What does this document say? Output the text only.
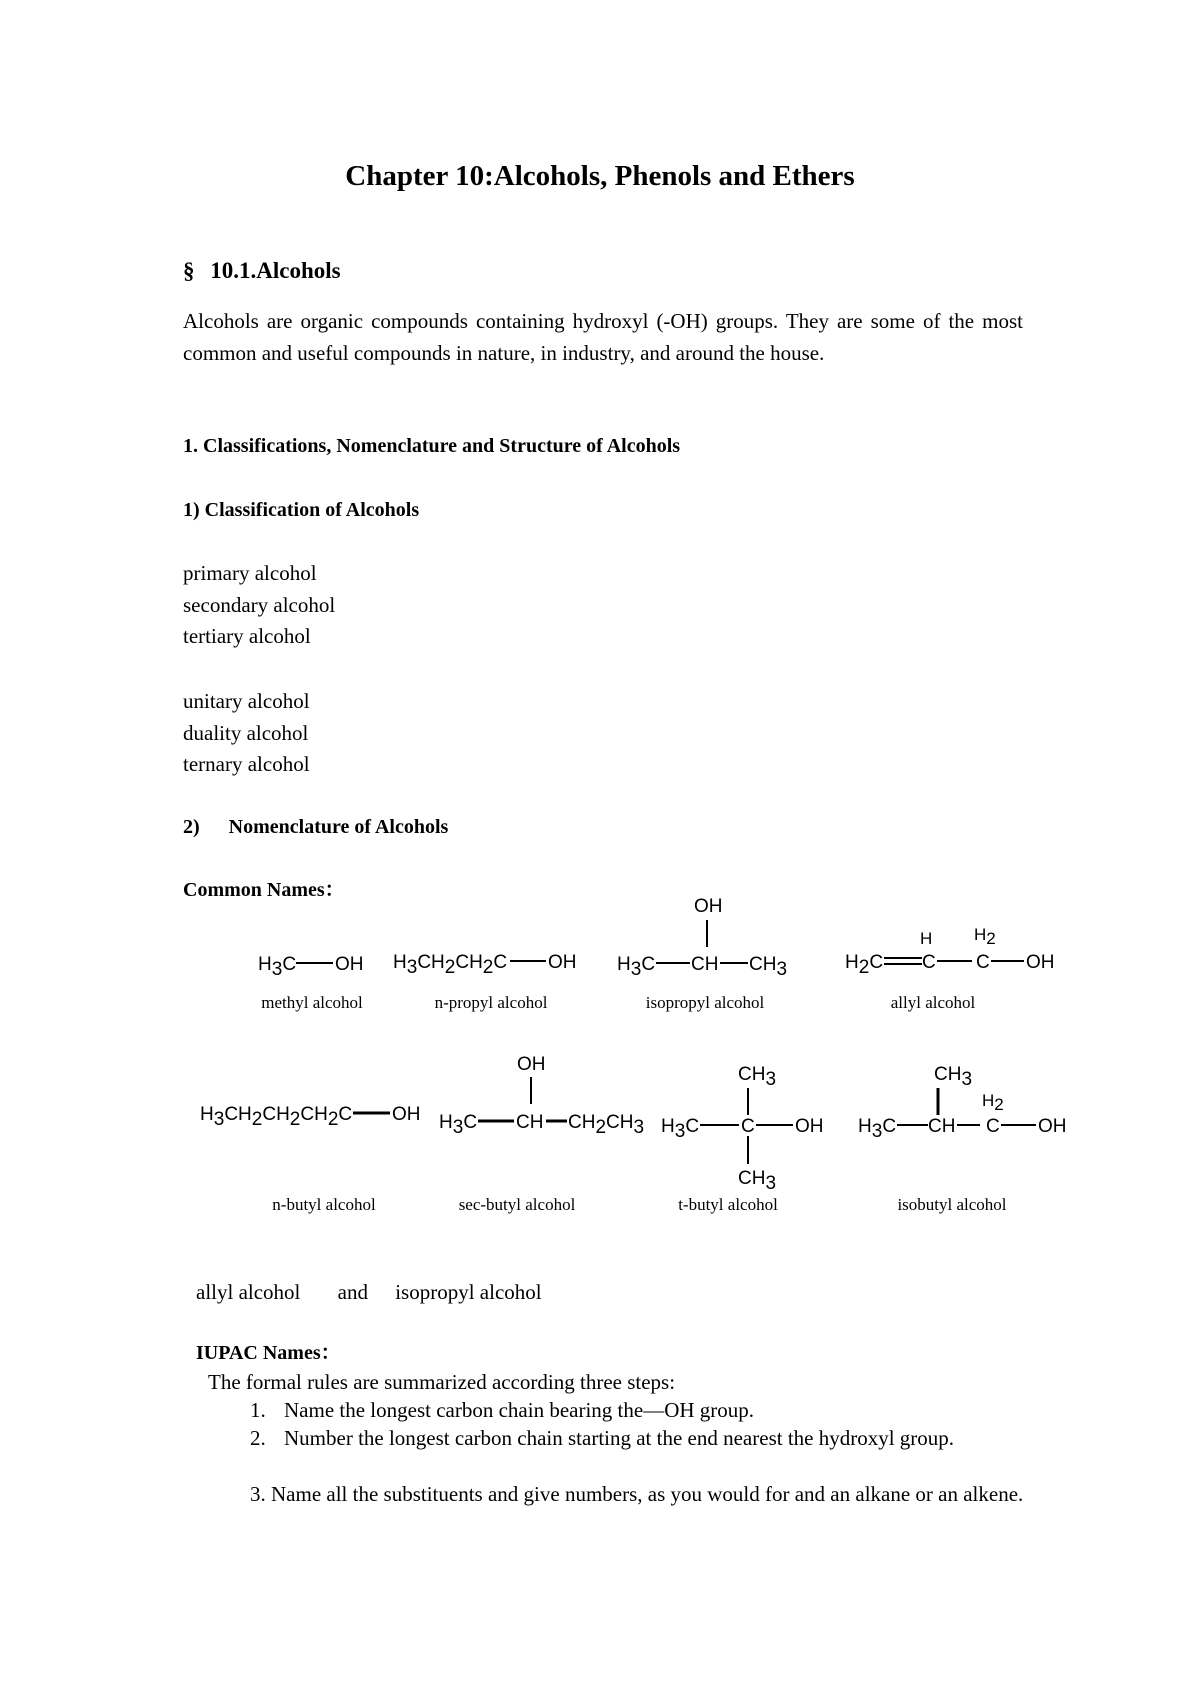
Chapter 10:Alcohols, Phenols and Ethers
§ 10.1.Alcohols

Alcohols are organic compounds containing hydroxyl (-OH) groups. They are some of the most common and useful compounds in nature, in industry, and around the house.

1. Classifications, Nomenclature and Structure of Alcohols
1) Classification of Alcohols
primary alcohol
secondary alcohol
tertiary alcohol
unitary alcohol
duality alcohol
ternary alcohol
2) Nomenclature of Alcohols
Common Names：
H3C OH H3CH2CH2C OH
OH
H3C CH CH3	H2C
H
C
H2
C OH
methyl alcohol	n-propyl alcohol	isopropyl alcohol	allyl alcohol
H3CH2CH2CH2C OH
OH
H3C CH CH2CH3
CH3
H3C C OH
CH3
CH3
H3C CH
H2
C OH
n-butyl alcohol	sec-butyl alcohol	t-butyl alcohol	isobutyl alcohol
allyl alcohol and isopropyl alcohol
IUPAC Names：
The formal rules are summarized according three steps:
1. Name the longest carbon chain bearing the—OH group.
2. Number the longest carbon chain starting at the end nearest the hydroxyl group.
3. Name all the substituents and give numbers, as you would for and an alkane or an alkene.
